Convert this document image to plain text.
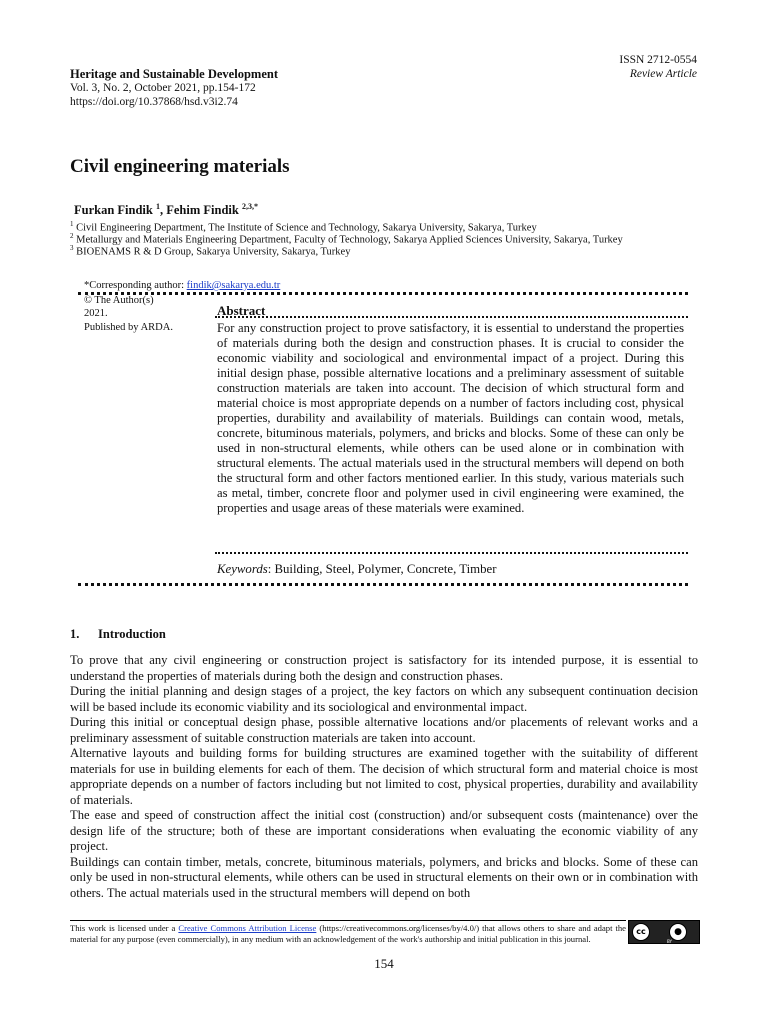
ISSN 2712-0554
Review Article
Heritage and Sustainable Development
Vol. 3, No. 2, October 2021, pp.154-172
https://doi.org/10.37868/hsd.v3i2.74
Civil engineering materials
Furkan Findik $^1$, Fehim Findik $^{2,3,*}$
$^1$ Civil Engineering Department, The Institute of Science and Technology, Sakarya University, Sakarya, Turkey
$^2$ Metallurgy and Materials Engineering Department, Faculty of Technology, Sakarya Applied Sciences University, Sakarya, Turkey
$^3$ BIOENAMS R & D Group, Sakarya University, Sakarya, Turkey
*Corresponding author: findik@sakarya.edu.tr
© The Author(s)
2021.
Published by ARDA.
Abstract
For any construction project to prove satisfactory, it is essential to understand the properties of materials during both the design and construction phases. It is crucial to consider the economic viability and sociological and environmental impact of a project. During this initial design phase, possible alternative locations and a preliminary assessment of suitable construction materials are taken into account. The decision of which structural form and material choice is most appropriate depends on a number of factors including cost, physical properties, durability and availability of materials. Buildings can contain wood, metals, concrete, bituminous materials, polymers, and bricks and blocks. Some of these can only be used in non-structural elements, while others can be used alone or in combination with structural elements. The actual materials used in the structural members will depend on both the structural form and other factors mentioned earlier. In this study, various materials such as metal, timber, concrete floor and polymer used in civil engineering were examined, the properties and usage areas of these materials were examined.
Keywords: Building, Steel, Polymer, Concrete, Timber
1. Introduction

To prove that any civil engineering or construction project is satisfactory for its intended purpose, it is essential to understand the properties of materials during both the design and construction phases.

During the initial planning and design stages of a project, the key factors on which any subsequent continuation decision will be based include its economic viability and its sociological and environmental impact.

During this initial or conceptual design phase, possible alternative locations and/or placements of relevant works and a preliminary assessment of suitable construction materials are taken into account.

Alternative layouts and building forms for building structures are examined together with the suitability of different materials for use in building elements for each of them. The decision of which structural form and material choice is most appropriate depends on a number of factors including but not limited to cost, physical properties, durability and availability of materials.

The ease and speed of construction affect the initial cost (construction) and/or subsequent costs (maintenance) over the design life of the structure; both of these are important considerations when evaluating the economic viability of any project.

Buildings can contain timber, metals, concrete, bituminous materials, polymers, and bricks and blocks. Some of these can only be used in non-structural elements, while others can be used in structural elements on their own or in combination with others. The actual materials used in the structural members will depend on both

This work is licensed under a Creative Commons Attribution License (https://creativecommons.org/licenses/by/4.0/) that allows others to share and adapt the material for any purpose (even commercially), in any medium with an acknowledgement of the work's authorship and initial publication in this journal.
cc	●
BY
154
